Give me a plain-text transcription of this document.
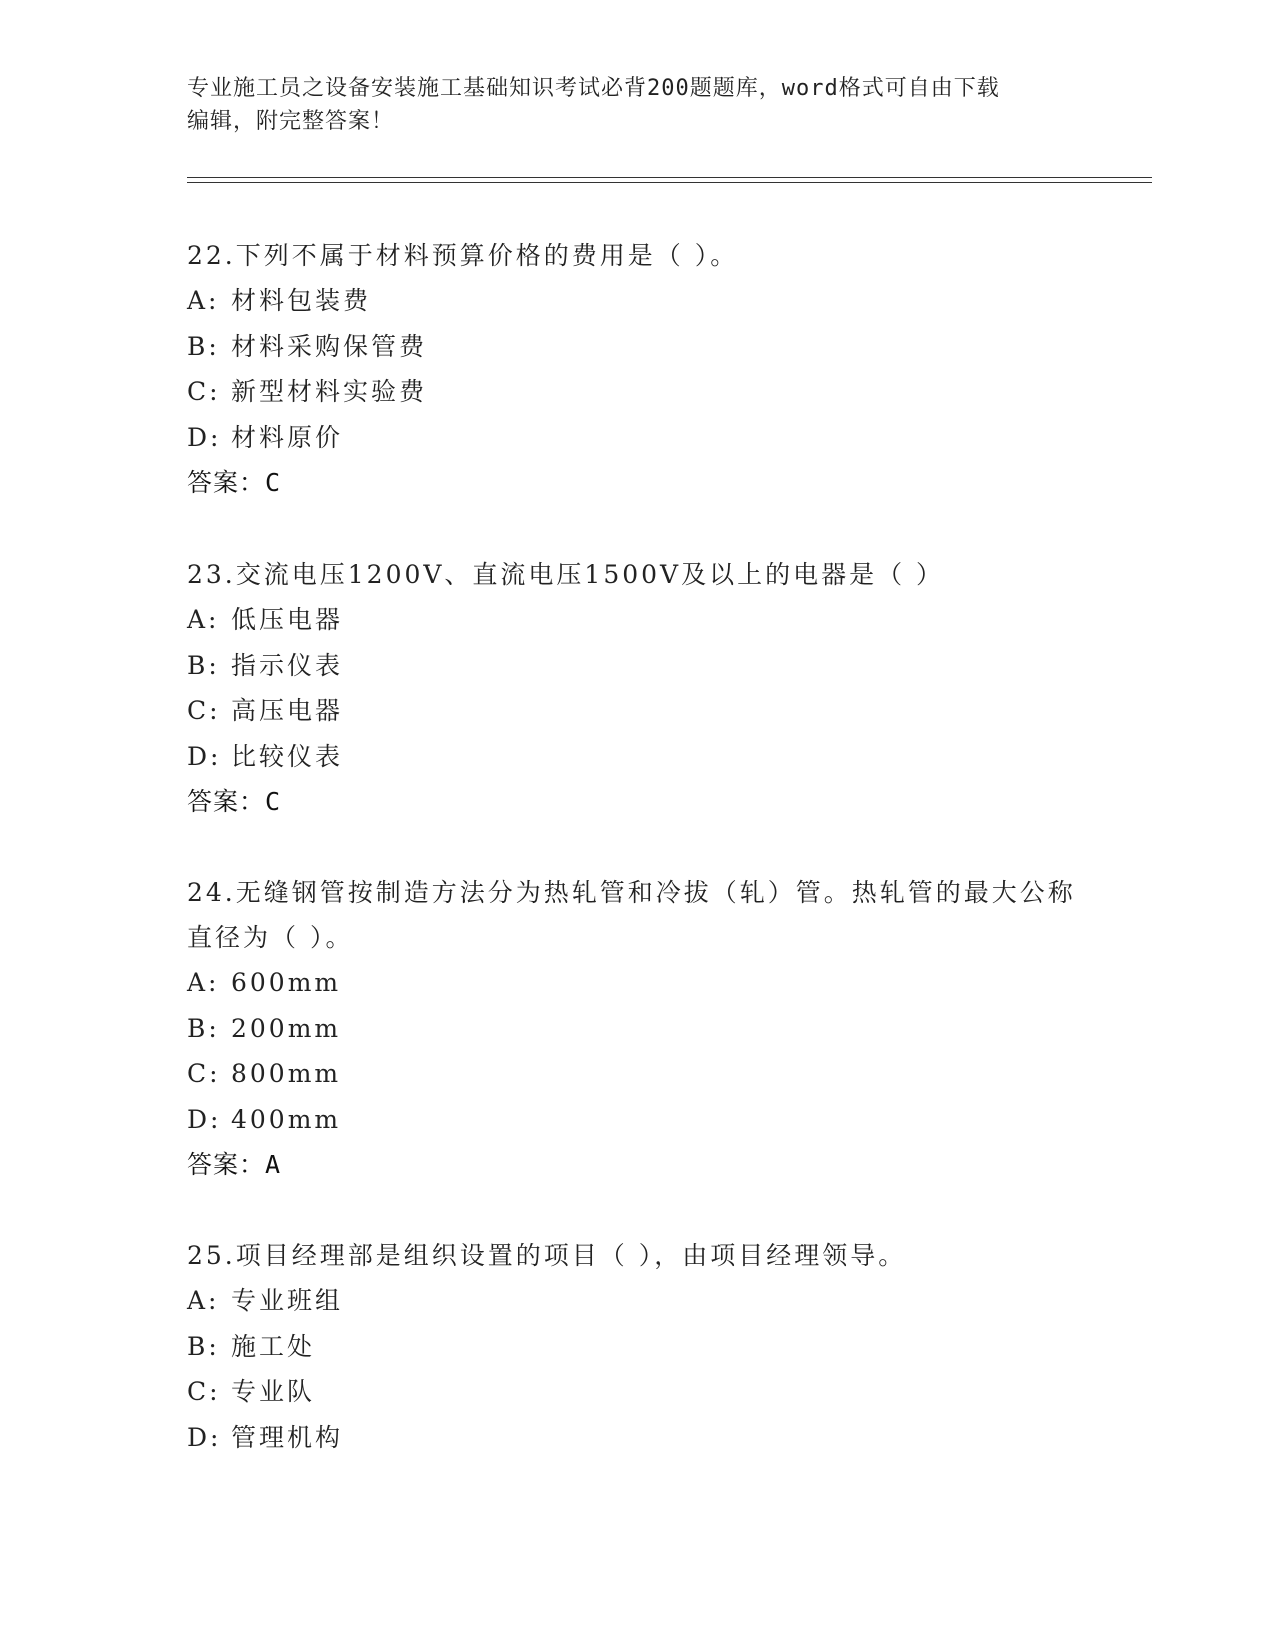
专业施工员之设备安装施工基础知识考试必背200题题库，word格式可自由下载
编辑，附完整答案！

22.下列不属于材料预算价格的费用是（ ）。

A: 材料包装费

B: 材料采购保管费

C: 新型材料实验费

D: 材料原价

答案：C

23.交流电压1200V、直流电压1500V及以上的电器是（ ）

A: 低压电器

B: 指示仪表

C: 高压电器

D: 比较仪表

答案：C

24.无缝钢管按制造方法分为热轧管和冷拔（轧）管。热轧管的最大公称直径为（ ）。

A: 600mm

B: 200mm

C: 800mm

D: 400mm

答案：A

25.项目经理部是组织设置的项目（ ），由项目经理领导。

A: 专业班组

B: 施工处

C: 专业队

D: 管理机构
